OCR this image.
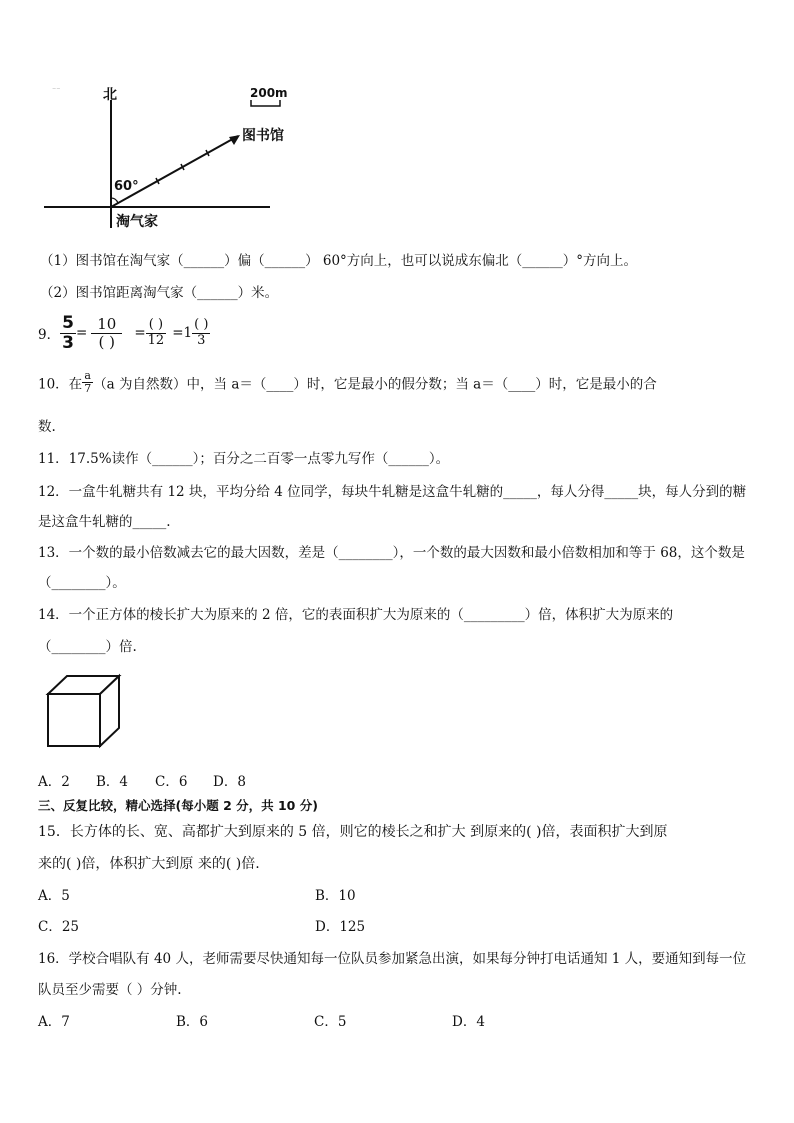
⁻⁻	北
60°
图书馆
淘气家
200m
（1）图书馆在淘气家（______）偏（______） 60°方向上，也可以说成东偏北（______）°方向上。
（2）图书馆距离淘气家（______）米。
9． $\frac{5}{3} = \frac{10}{( )} = \frac{( )}{12} =1 \frac{( )}{3}$
10．在 $\frac{a}{7} (a$ 为自然数）中，当 a＝（____）时，它是最小的假分数；当 a＝（____）时，它是最小的合
数.
11．17.5%读作（______）；百分之二百零一点零九写作（______）。
12．一盒牛轧糖共有 12 块，平均分给 4 位同学，每块牛轧糖是这盒牛轧糖的_____，每人分得_____块，每人分到的糖
是这盒牛轧糖的_____.
13．一个数的最小倍数减去它的最大因数，差是（________），一个数的最大因数和最小倍数相加和等于 68，这个数是
（________）。
14．一个正方体的棱长扩大为原来的 2 倍，它的表面积扩大为原来的（_________）倍，体积扩大为原来的
（________）倍.
A．2 B．4 C．6 D．8
三、反复比较，精心选择(每小题 2 分，共 10 分)
15．长方体的长、宽、高都扩大到原来的 5 倍，则它的棱长之和扩大 到原来的( )倍，表面积扩大到原
来的( )倍，体积扩大到原 来的( )倍.
A．5	B．10
C．25	D．125
16．学校合唱队有 40 人，老师需要尽快通知每一位队员参加紧急出演，如果每分钟打电话通知 1 人，要通知到每一位
队员至少需要（ ）分钟.
A．7	B．6	C．5	D．4
